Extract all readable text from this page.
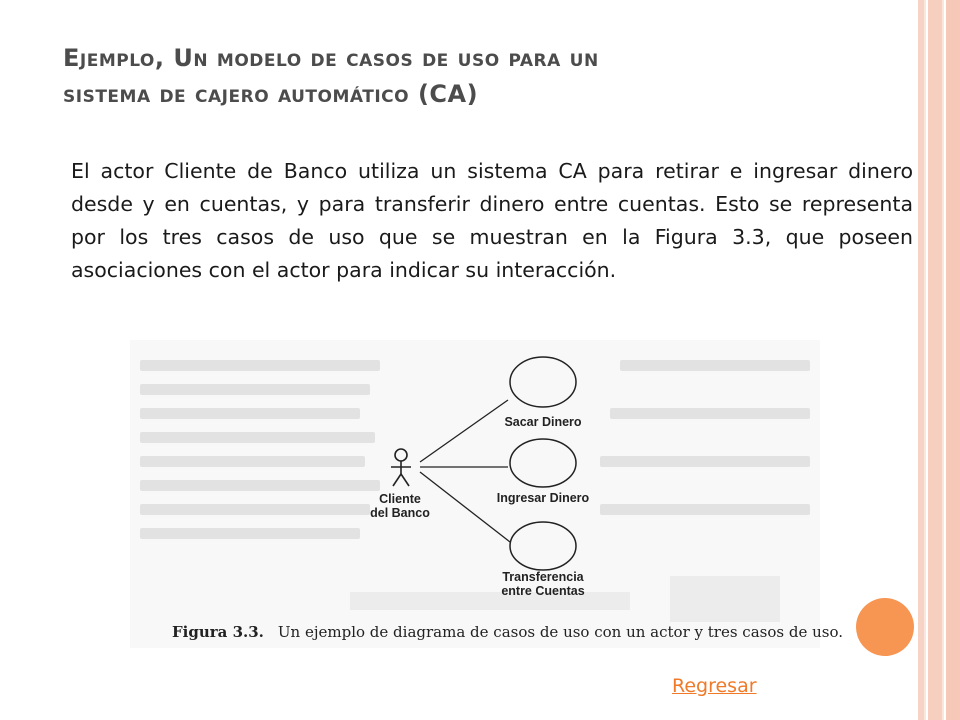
Ejemplo, Un modelo de casos de uso para un
sistema de cajero automático (CA)

El actor Cliente de Banco utiliza un sistema CA para retirar e ingresar dinero desde y en cuentas, y para transferir dinero entre cuentas. Esto se representa por los tres casos de uso que se muestran en la Figura 3.3, que poseen asociaciones con el actor para indicar su interacción.

Sacar Dinero
Ingresar Dinero
Transferencia
entre Cuentas
Cliente
del Banco
Figura 3.3. Un ejemplo de diagrama de casos de uso con un actor y tres casos de uso.
Regresar
